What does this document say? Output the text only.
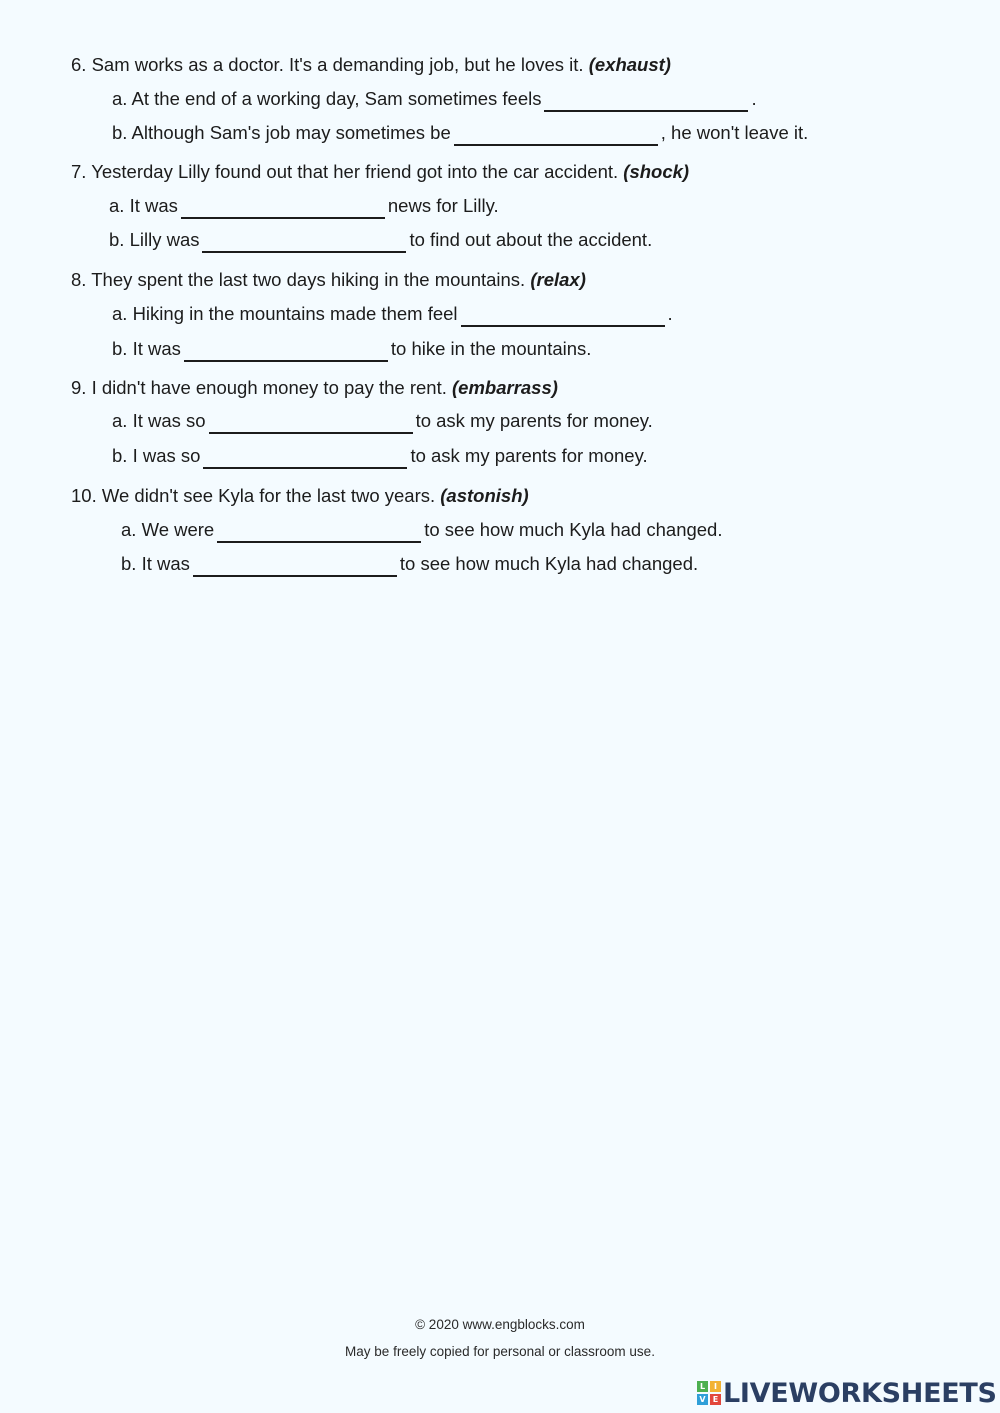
6. Sam works as a doctor. It's a demanding job, but he loves it. (exhaust)
a. At the end of a working day, Sam sometimes feels	.
b. Although Sam's job may sometimes be	, he won't leave it.
7. Yesterday Lilly found out that her friend got into the car accident. (shock)
a. It was	news for Lilly.
b. Lilly was	to find out about the accident.
8. They spent the last two days hiking in the mountains. (relax)
a. Hiking in the mountains made them feel	.
b. It was	to hike in the mountains.
9. I didn't have enough money to pay the rent. (embarrass)
a. It was so	to ask my parents for money.
b. I was so	to ask my parents for money.
10. We didn't see Kyla for the last two years. (astonish)
a. We were	to see how much Kyla had changed.
b. It was	to see how much Kyla had changed.
© 2020 www.engblocks.com
May be freely copied for personal or classroom use.
L	I
V E LIVEWORKSHEETS
